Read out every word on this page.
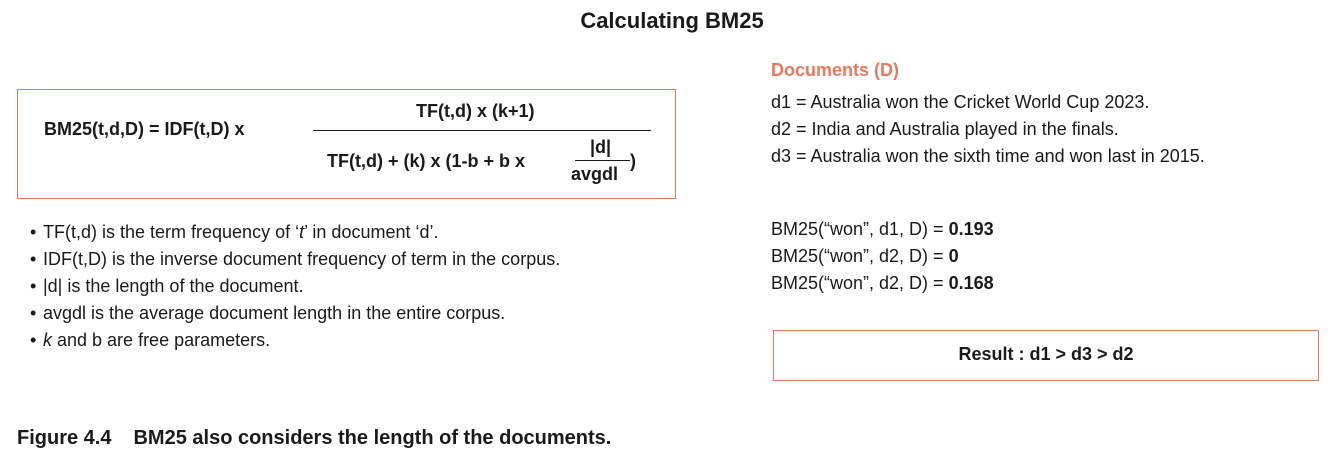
Calculating BM25
BM25(t,d,D) = IDF(t,D) x
TF(t,d) x (k+1)
TF(t,d) + (k) x (1-b + b x
|d|
avgdl
)
• TF(t,d) is the term frequency of ‘t’ in document ‘d’.
• IDF(t,D) is the inverse document frequency of term in the corpus.
• |d| is the length of the document.
• avgdl is the average document length in the entire corpus.
• k and b are free parameters.
Documents (D)
d1 = Australia won the Cricket World Cup 2023.
d2 = India and Australia played in the finals.
d3 = Australia won the sixth time and won last in 2015.
BM25(“won”, d1, D) = 0.193
BM25(“won”, d2, D) = 0
BM25(“won”, d2, D) = 0.168
Result : d1 > d3 > d2
Figure 4.4 BM25 also considers the length of the documents.
